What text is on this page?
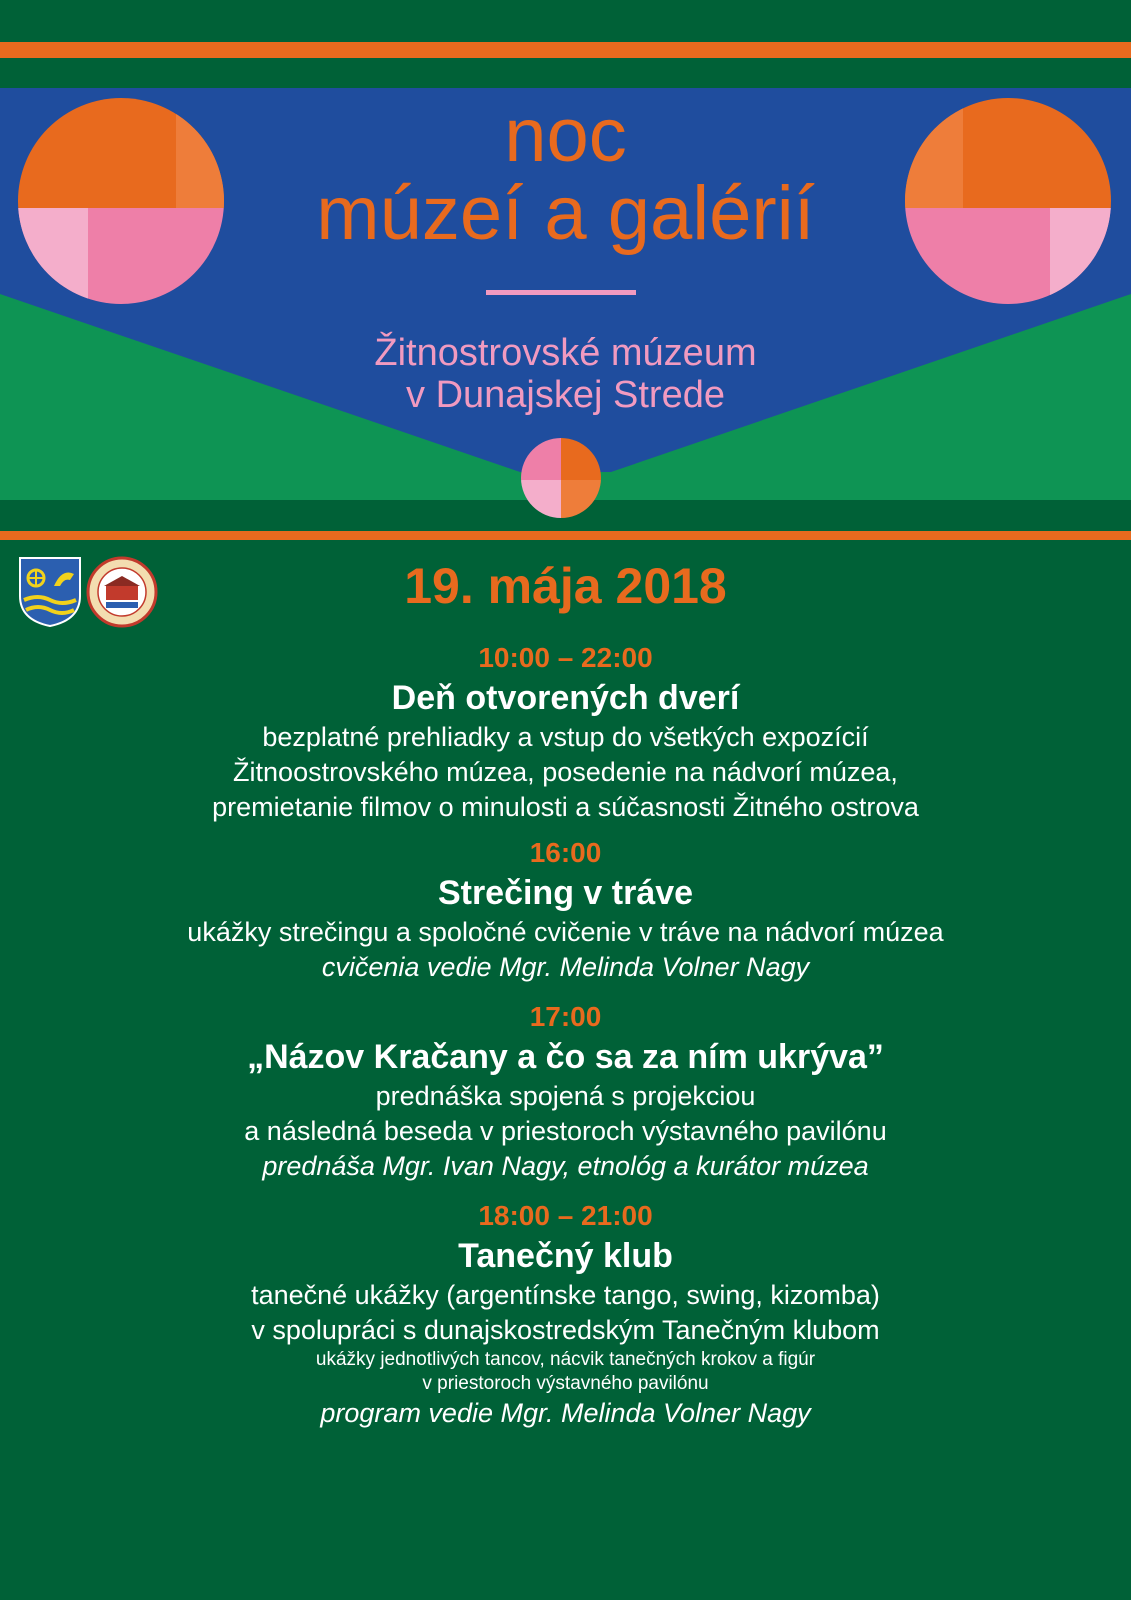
noc
múzeí a galérií
Žitnostrovské múzeum
v Dunajskej Strede
19. mája 2018
10:00 – 22:00
Deň otvorených dverí
bezplatné prehliadky a vstup do všetkých expozícií
Žitnoostrovského múzea, posedenie na nádvorí múzea,
premietanie filmov o minulosti a súčasnosti Žitného ostrova
16:00
Strečing v tráve
ukážky strečingu a spoločné cvičenie v tráve na nádvorí múzea
cvičenia vedie Mgr. Melinda Volner Nagy
17:00
„Názov Kračany a čo sa za ním ukrýva”
prednáška spojená s projekciou
a následná beseda v priestoroch výstavného pavilónu
prednáša Mgr. Ivan Nagy, etnológ a kurátor múzea
18:00 – 21:00
Tanečný klub
tanečné ukážky (argentínske tango, swing, kizomba)
v spolupráci s dunajskostredským Tanečným klubom
ukážky jednotlivých tancov, nácvik tanečných krokov a figúr
v priestoroch výstavného pavilónu
program vedie Mgr. Melinda Volner Nagy
